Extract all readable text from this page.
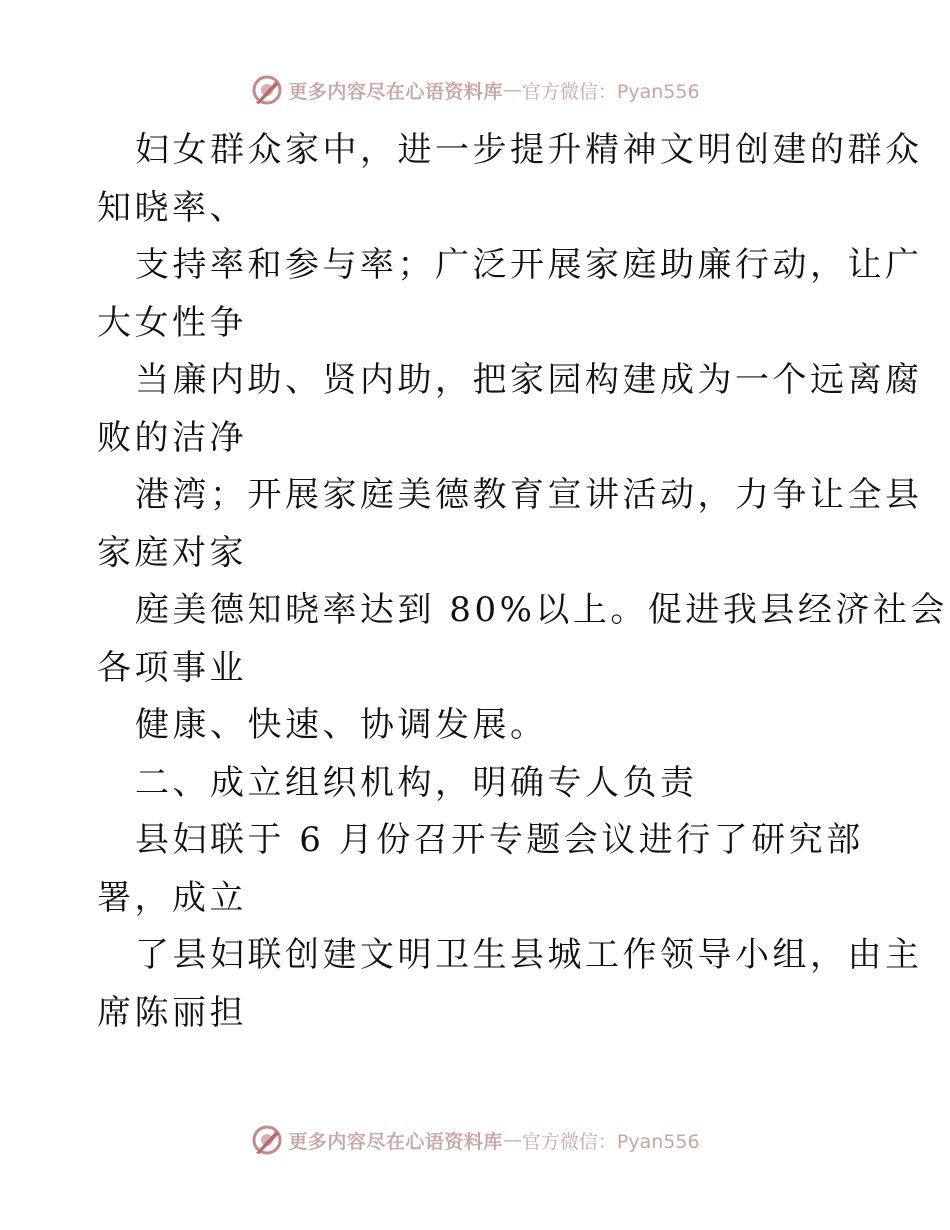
更多内容尽在心语资料库 — 官方微信：Pyan556
妇女群众家中，进一步提升精神文明创建的群众
知晓率、
支持率和参与率；广泛开展家庭助廉行动，让广
大女性争
当廉内助、贤内助，把家园构建成为一个远离腐
败的洁净
港湾；开展家庭美德教育宣讲活动，力争让全县
家庭对家
庭美德知晓率达到 80%以上。促进我县经济社会
各项事业
健康、快速、协调发展。
二、成立组织机构，明确专人负责
县妇联于 6 月份召开专题会议进行了研究部
署，成立
了县妇联创建文明卫生县城工作领导小组，由主
席陈丽担
更多内容尽在心语资料库 — 官方微信：Pyan556
